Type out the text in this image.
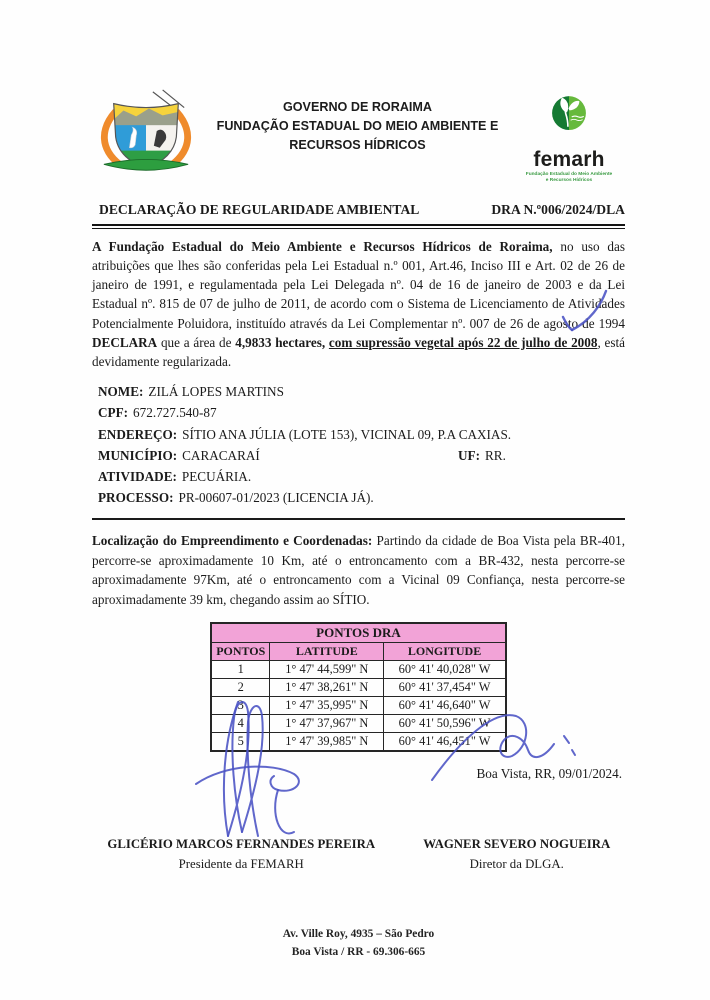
GOVERNO DE RORAIMA
FUNDAÇÃO ESTADUAL DO MEIO AMBIENTE E
RECURSOS HÍDRICOS
femarh
Fundação Estadual do Meio Ambiente
e Recursos Hídricos
DECLARAÇÃO DE REGULARIDADE AMBIENTAL	DRA N.º006/2024/DLA

A Fundação Estadual do Meio Ambiente e Recursos Hídricos de Roraima, no uso das atribuições que lhes são conferidas pela Lei Estadual n.º 001, Art.46, Inciso III e Art. 02 de 26 de janeiro de 1991, e regulamentada pela Lei Delegada nº. 04 de 16 de janeiro de 2003 e da Lei Estadual nº. 815 de 07 de julho de 2011, de acordo com o Sistema de Licenciamento de Atividades Potencialmente Poluidora, instituído através da Lei Complementar nº. 007 de 26 de agosto de 1994 DECLARA que a área de 4,9833 hectares, com supressão vegetal após 22 de julho de 2008, está devidamente regularizada.

NOME: ZILÁ LOPES MARTINS
CPF: 672.727.540-87
ENDEREÇO: SÍTIO ANA JÚLIA (LOTE 153), VICINAL 09, P.A CAXIAS.
MUNICÍPIO: CARACARAÍ	UF: RR.
ATIVIDADE: PECUÁRIA.
PROCESSO: PR-00607-01/2023 (LICENCIA JÁ).

Localização do Empreendimento e Coordenadas: Partindo da cidade de Boa Vista pela BR-401, percorre-se aproximadamente 10 Km, até o entroncamento com a BR-432, nesta percorre-se aproximadamente 97Km, até o entroncamento com a Vicinal 09 Confiança, nesta percorre-se aproximadamente 39 km, chegando assim ao SÍTIO.

PONTOS DRA		
PONTOS	LATITUDE	LONGITUDE
1	1° 47' 44,599" N	60° 41' 40,028" W
2	1° 47' 38,261" N	60° 41' 37,454" W
3	1° 47' 35,995" N	60° 41' 46,640" W
4	1° 47' 37,967" N	60° 41' 50,596" W
5	1° 47' 39,985" N	60° 41' 46,451" W
Boa Vista, RR, 09/01/2024.
GLICÉRIO MARCOS FERNANDES PEREIRA
Presidente da FEMARH
WAGNER SEVERO NOGUEIRA
Diretor da DLGA.
Av. Ville Roy, 4935 – São Pedro
Boa Vista / RR - 69.306-665
